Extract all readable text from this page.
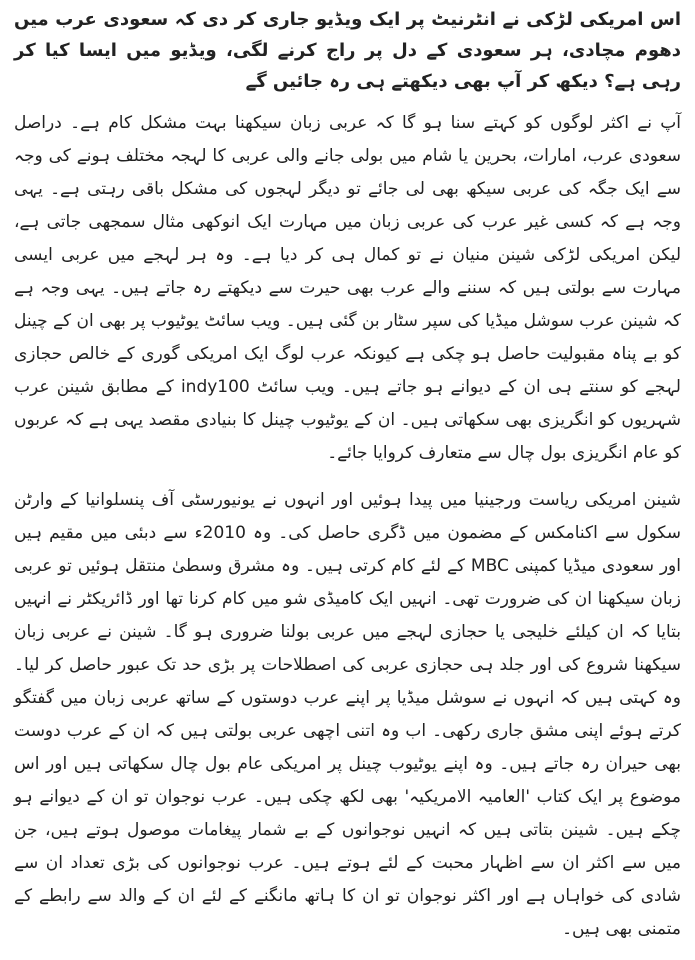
اس امریکی لڑکی نے انٹرنیٹ پر ایک ویڈیو جاری کر دی کہ سعودی عرب میں دھوم مچادی، ہر سعودی کے دل پر راج کرنے لگی، ویڈیو میں ایسا کیا کر رہی ہے؟ دیکھ کر آپ بھی دیکھتے ہی رہ جائیں گے

آپ نے اکثر لوگوں کو کہتے سنا ہو گا کہ عربی زبان سیکھنا بہت مشکل کام ہے۔ دراصل سعودی عرب، امارات، بحرین یا شام میں بولی جانے والی عربی کا لہجہ مختلف ہونے کی وجہ سے ایک جگہ کی عربی سیکھ بھی لی جائے تو دیگر لہجوں کی مشکل باقی رہتی ہے۔ یہی وجہ ہے کہ کسی غیر عرب کی عربی زبان میں مہارت ایک انوکھی مثال سمجھی جاتی ہے، لیکن امریکی لڑکی شینن منیان نے تو کمال ہی کر دیا ہے۔ وہ ہر لہجے میں عربی ایسی مہارت سے بولتی ہیں کہ سننے والے عرب بھی حیرت سے دیکھتے رہ جاتے ہیں۔ یہی وجہ ہے کہ شینن عرب سوشل میڈیا کی سپر سٹار بن گئی ہیں۔ ویب سائٹ یوٹیوب پر بھی ان کے چینل کو بے پناہ مقبولیت حاصل ہو چکی ہے کیونکہ عرب لوگ ایک امریکی گوری کے خالص حجازی لہجے کو سنتے ہی ان کے دیوانے ہو جاتے ہیں۔ ویب سائٹ indy100 کے مطابق شینن عرب شہریوں کو انگریزی بھی سکھاتی ہیں۔ ان کے یوٹیوب چینل کا بنیادی مقصد یہی ہے کہ عربوں کو عام انگریزی بول چال سے متعارف کروایا جائے۔

شینن امریکی ریاست ورجینیا میں پیدا ہوئیں اور انہوں نے یونیورسٹی آف پنسلوانیا کے وارٹن سکول سے اکنامکس کے مضمون میں ڈگری حاصل کی۔ وہ 2010ء سے دبئی میں مقیم ہیں اور سعودی میڈیا کمپنی MBC کے لئے کام کرتی ہیں۔ وہ مشرق وسطیٰ منتقل ہوئیں تو عربی زبان سیکھنا ان کی ضرورت تھی۔ انہیں ایک کامیڈی شو میں کام کرنا تھا اور ڈائریکٹر نے انہیں بتایا کہ ان کیلئے خلیجی یا حجازی لہجے میں عربی بولنا ضروری ہو گا۔ شینن نے عربی زبان سیکھنا شروع کی اور جلد ہی حجازی عربی کی اصطلاحات پر بڑی حد تک عبور حاصل کر لیا۔ وہ کہتی ہیں کہ انہوں نے سوشل میڈیا پر اپنے عرب دوستوں کے ساتھ عربی زبان میں گفتگو کرتے ہوئے اپنی مشق جاری رکھی۔ اب وہ اتنی اچھی عربی بولتی ہیں کہ ان کے عرب دوست بھی حیران رہ جاتے ہیں۔ وہ اپنے یوٹیوب چینل پر امریکی عام بول چال سکھاتی ہیں اور اس موضوع پر ایک کتاب 'العامیہ الامریکیہ' بھی لکھ چکی ہیں۔ عرب نوجوان تو ان کے دیوانے ہو چکے ہیں۔ شینن بتاتی ہیں کہ انہیں نوجوانوں کے بے شمار پیغامات موصول ہوتے ہیں، جن میں سے اکثر ان سے اظہار محبت کے لئے ہوتے ہیں۔ عرب نوجوانوں کی بڑی تعداد ان سے شادی کی خواہاں ہے اور اکثر نوجوان تو ان کا ہاتھ مانگنے کے لئے ان کے والد سے رابطے کے متمنی بھی ہیں۔
